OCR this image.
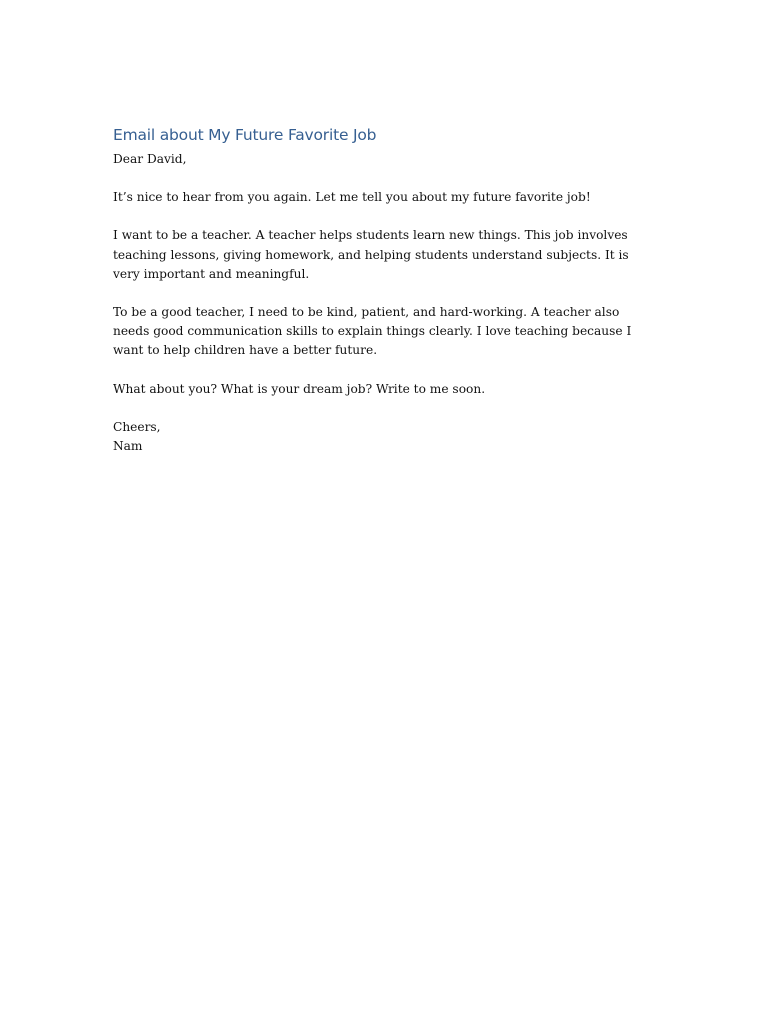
Email about My Future Favorite Job

Dear David,

It’s nice to hear from you again. Let me tell you about my future favorite job!

I want to be a teacher. A teacher helps students learn new things. This job involves teaching lessons, giving homework, and helping students understand subjects. It is very important and meaningful.

To be a good teacher, I need to be kind, patient, and hard-working. A teacher also needs good communication skills to explain things clearly. I love teaching because I want to help children have a better future.

What about you? What is your dream job? Write to me soon.

Cheers,

Nam
